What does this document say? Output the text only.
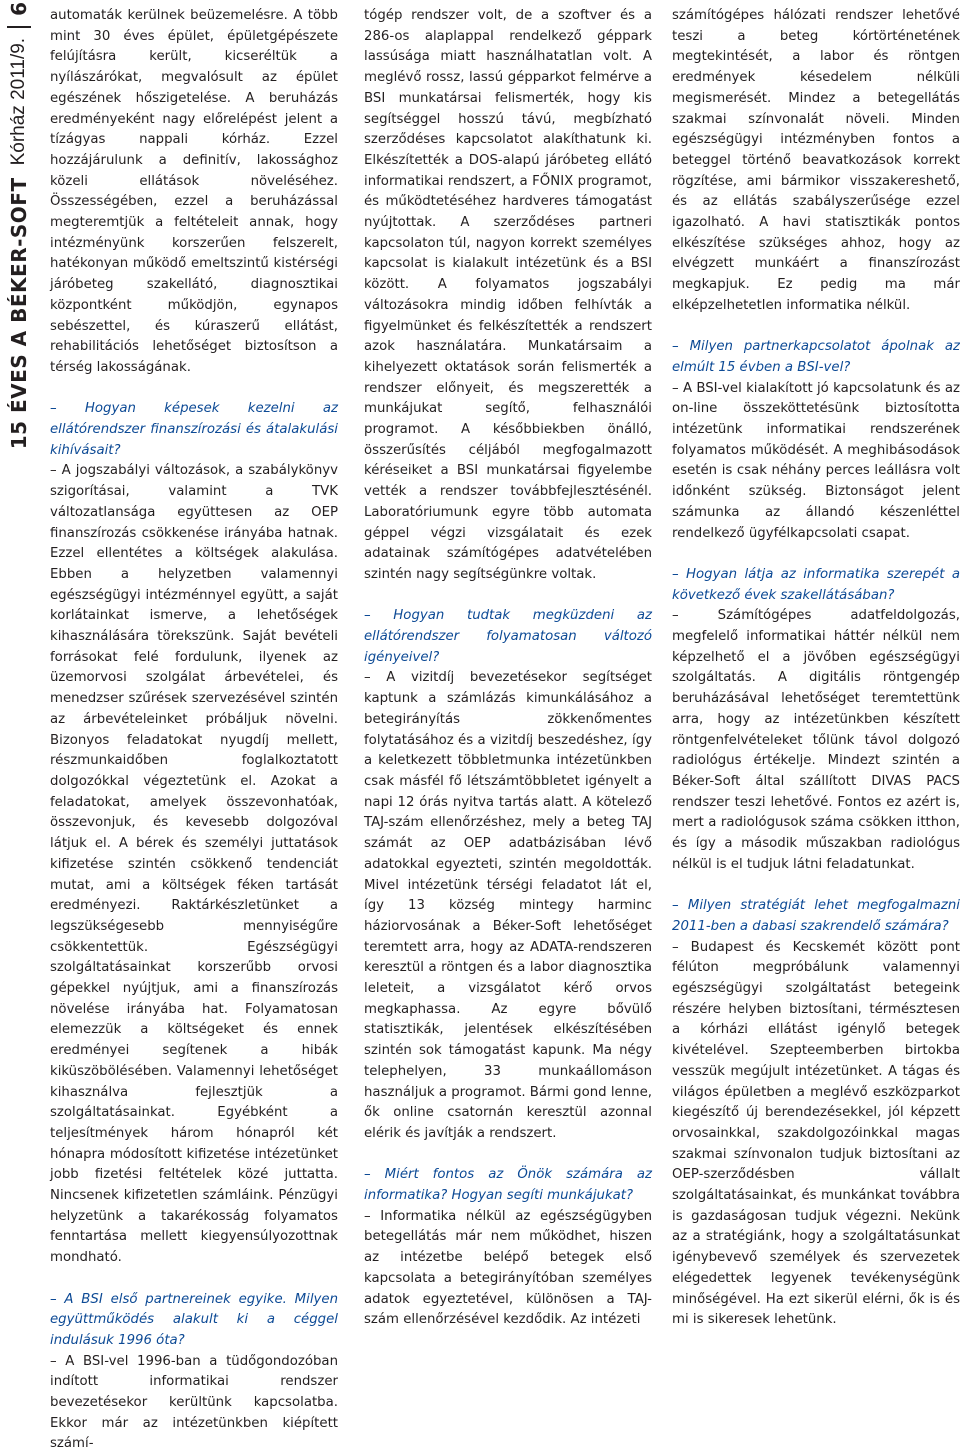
15 ÉVES A BÉKER-SOFT
Kórház 2011/9.
6 automaták kerülnek beüzemelésre. A több mint 30 éves épület, épületgépészete felújításra került, kicseréltük a nyílászárókat, megvalósult az épület egészének hőszigetelése. A beruházás eredményeként nagy előrelépést jelent a tízágyas nappali kórház. Ezzel hozzájárulunk a definitív, lakossághoz közeli ellátások növeléséhez. Összességében, ezzel a beruházással megteremtjük a feltételeit annak, hogy intézményünk korszerűen felszerelt, hatékonyan működő emeltszintű kistérségi járóbeteg szakellátó, diagnosztikai központként működjön, egynapos sebészettel, és kúraszerű ellátást, rehabilitációs lehetőséget biztosítson a térség lakosságának.

– Hogyan képesek kezelni az ellátórendszer finanszírozási és átalakulási kihívásait?

– A jogszabályi változások, a szabálykönyv szigorításai, valamint a TVK változatlansága együttesen az OEP finanszírozás csökkenése irányába hatnak. Ezzel ellentétes a költségek alakulása. Ebben a helyzetben valamennyi egészségügyi intézménnyel együtt, a saját korlátainkat ismerve, a lehetőségek kihasználására törekszünk. Saját bevételi forrásokat felé fordulunk, ilyenek az üzemorvosi szolgálat árbevételei, és menedzser szűrések szervezésével szintén az árbevételeinket próbáljuk növelni. Bizonyos feladatokat nyugdíj mellett, részmunkaidőben foglalkoztatott dolgozókkal végeztetünk el. Azokat a feladatokat, amelyek összevonhatóak, összevonjuk, és kevesebb dolgozóval látjuk el. A bérek és személyi juttatások kifizetése szintén csökkenő tendenciát mutat, ami a költségek féken tartását eredményezi. Raktárkészletünket a legszükségesebb mennyiségűre csökkentettük. Egészségügyi szolgáltatásainkat korszerűbb orvosi gépekkel nyújtjuk, ami a finanszírozás növelése irányába hat. Folyamatosan elemezzük a költségeket és ennek eredményei segítenek a hibák kiküszöbölésében. Valamennyi lehetőséget kihasználva fejlesztjük a szolgáltatásainkat. Egyébként a teljesítmények három hónapról két hónapra módosított kifizetése intézetünket jobb fizetési feltételek közé juttatta. Nincsenek kifizetetlen számláink. Pénzügyi helyzetünk a takarékosság folyamatos fenntartása mellett kiegyensúlyozottnak mondható.

– A BSI első partnereinek egyike. Milyen együttműködés alakult ki a céggel indulásuk 1996 óta?

– A BSI-vel 1996-ban a tüdőgondozóban indított informatikai rendszer bevezetésekor kerültünk kapcsolatba. Ekkor már az intézetünkben kiépített számí-

tógép rendszer volt, de a szoftver és a 286-os alaplappal rendelkező géppark lassúsága miatt használhatatlan volt. A meglévő rossz, lassú gépparkot felmérve a BSI munkatársai felismerték, hogy kis segítséggel hosszú távú, megbízható szerződéses kapcsolatot alakíthatunk ki. Elkészítették a DOS-alapú járóbeteg ellátó informatikai rendszert, a FŐNIX programot, és működtetéséhez hardveres támogatást nyújtottak. A szerződéses partneri kapcsolaton túl, nagyon korrekt személyes kapcsolat is kialakult intézetünk és a BSI között. A folyamatos jogszabályi változásokra mindig időben felhívták a figyelmünket és felkészítették a rendszert azok használatára. Munkatársaim a kihelyezett oktatások során felismerték a rendszer előnyeit, és megszerették a munkájukat segítő, felhasználói programot. A későbbiekben önálló, összerűsítés céljából megfogalmazott kéréseiket a BSI munkatársai figyelembe vették a rendszer továbbfejlesztésénél. Laboratóriumunk egyre több automata géppel végzi vizsgálatait és ezek adatainak számítógépes adatvételében szintén nagy segítségünkre voltak.

– Hogyan tudtak megküzdeni az ellátórendszer folyamatosan változó igényeivel?

– A vizitdíj bevezetésekor segítséget kaptunk a számlázás kimunkálásához a betegirányítás zökkenőmentes folytatásához és a vizitdíj beszedéshez, így a keletkezett többletmunka intézetünkben csak másfél fő létszámtöbbletet igényelt a napi 12 órás nyitva tartás alatt. A kötelező TAJ-szám ellenőrzéshez, mely a beteg TAJ számát az OEP adatbázisában lévő adatokkal egyezteti, szintén megoldották. Mivel intézetünk térségi feladatot lát el, így 13 község mintegy harminc háziorvosának a Béker-Soft lehetőséget teremtett arra, hogy az ADATA-rendszeren keresztül a röntgen és a labor diagnosztika leleteit, a vizsgálatot kérő orvos megkaphassa. Az egyre bővülő statisztikák, jelentések elkészítésében szintén sok támogatást kapunk. Ma négy telephelyen, 33 munkaállomáson használjuk a programot. Bármi gond lenne, ők online csatornán keresztül azonnal elérik és javítják a rendszert.

– Miért fontos az Önök számára az informatika? Hogyan segíti munkájukat?

– Informatika nélkül az egészségügyben betegellátás már nem működhet, hiszen az intézetbe belépő betegek első kapcsolata a betegirányítóban személyes adatok egyeztetével, különösen a TAJ-szám ellenőrzésével kezdődik. Az intézeti

számítógépes hálózati rendszer lehetővé teszi a beteg kórtörténetének megtekintését, a labor és röntgen eredmények késedelem nélküli megismerését. Mindez a betegellátás szakmai színvonalát növeli. Minden egészségügyi intézményben fontos a beteggel történő beavatkozások korrekt rögzítése, ami bármikor visszakereshető, és az ellátás szabályszerűsége ezzel igazolható. A havi statisztikák pontos elkészítése szükséges ahhoz, hogy az elvégzett munkáért a finanszírozást megkapjuk. Ez pedig ma már elképzelhetetlen informatika nélkül.

– Milyen partnerkapcsolatot ápolnak az elmúlt 15 évben a BSI-vel?

– A BSI-vel kialakított jó kapcsolatunk és az on-line összeköttetésünk biztosította intézetünk informatikai rendszerének folyamatos működését. A meghibásodások esetén is csak néhány perces leállásra volt időnként szükség. Biztonságot jelent számunka az állandó készenléttel rendelkező ügyfélkapcsolati csapat.

– Hogyan látja az informatika szerepét a következő évek szakellátásában?

– Számítógépes adatfeldolgozás, megfelelő informatikai háttér nélkül nem képzelhető el a jövőben egészségügyi szolgáltatás. A digitális röntgengép beruházásával lehetőséget teremtettünk arra, hogy az intézetünkben készített röntgenfelvételeket tőlünk távol dolgozó radiológus értékelje. Mindezt szintén a Béker-Soft által szállított DIVAS PACS rendszer teszi lehetővé. Fontos ez azért is, mert a radiológusok száma csökken itthon, és így a második műszakban radiológus nélkül is el tudjuk látni feladatunkat.

– Milyen stratégiát lehet megfogalmazni 2011-ben a dabasi szakrendelő számára?

– Budapest és Kecskemét között pont félúton megpróbálunk valamennyi egészségügyi szolgáltatást betegeink részére helyben biztosítani, térmésztesen a kórházi ellátást igénylő betegek kivételével. Szepteemberben birtokba vesszük megújult intézetünket. A tágas és világos épületben a meglévő eszközparkot kiegészítő új berendezésekkel, jól képzett orvosainkkal, szakdolgozóinkkal magas szakmai színvonalon tudjuk biztosítani az OEP-szerződésben vállalt szolgáltatásainkat, és munkánkat továbbra is gazdaságosan tudjuk végezni. Nekünk az a stratégiánk, hogy a szolgáltatásunkat igénybevevő személyek és szervezetek elégedettek legyenek tevékenységünk minőségével. Ha ezt sikerül elérni, ők is és mi is sikeresek lehetünk.
